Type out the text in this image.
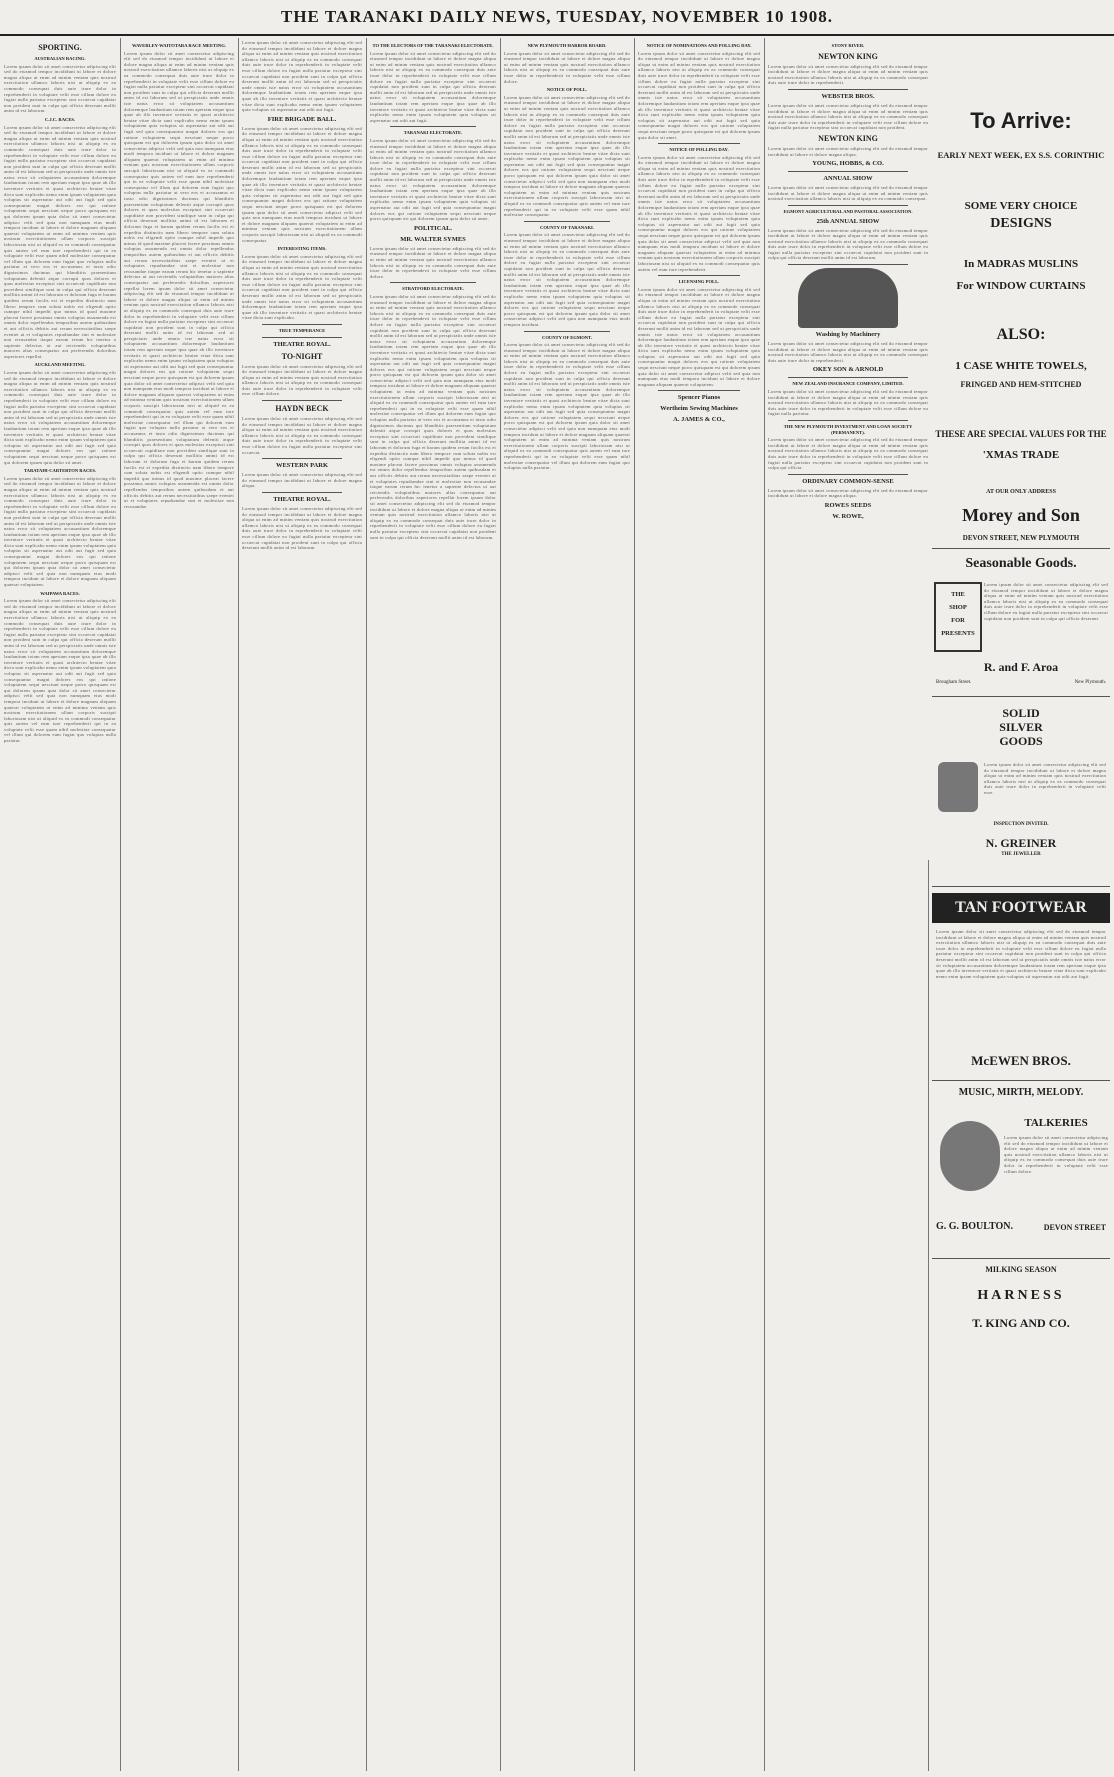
THE TARANAKI DAILY NEWS, TUESDAY, NOVEMBER 10 1908.
SPORTING.
AUSTRALIAN RACING.
Lorem ipsum dolor sit amet consectetur adipiscing elit sed do eiusmod tempor incididunt ut labore et dolore magna aliqua ut enim ad minim veniam quis nostrud exercitation ullamco laboris nisi ut aliquip ex ea commodo consequat duis aute irure dolor in reprehenderit in voluptate velit esse cillum dolore eu fugiat nulla pariatur excepteur sint occaecat cupidatat non proident sunt in culpa qui officia deserunt mollit anim id est laborum.
C.J.C. RACES.
Lorem ipsum dolor sit amet consectetur adipiscing elit sed do eiusmod tempor incididunt ut labore et dolore magna aliqua ut enim ad minim veniam quis nostrud exercitation ullamco laboris nisi ut aliquip ex ea commodo consequat duis aute irure dolor in reprehenderit in voluptate velit esse cillum dolore eu fugiat nulla pariatur excepteur sint occaecat cupidatat non proident sunt in culpa qui officia deserunt mollit anim id est laborum sed ut perspiciatis unde omnis iste natus error sit voluptatem accusantium doloremque laudantium totam rem aperiam eaque ipsa quae ab illo inventore veritatis et quasi architecto beatae vitae dicta sunt explicabo nemo enim ipsam voluptatem quia voluptas sit aspernatur aut odit aut fugit sed quia consequuntur magni dolores eos qui ratione voluptatem sequi nesciunt neque porro quisquam est qui dolorem ipsum quia dolor sit amet consectetur adipisci velit sed quia non numquam eius modi tempora incidunt ut labore et dolore magnam aliquam quaerat voluptatem ut enim ad minima veniam quis nostrum exercitationem ullam corporis suscipit laboriosam nisi ut aliquid ex ea commodi consequatur quis autem vel eum iure reprehenderit qui in ea voluptate velit esse quam nihil molestiae consequatur vel illum qui dolorem eum fugiat quo voluptas nulla pariatur at vero eos et accusamus et iusto odio dignissimos ducimus qui blanditiis praesentium voluptatum deleniti atque corrupti quos dolores et quas molestias excepturi sint occaecati cupiditate non provident similique sunt in culpa qui officia deserunt mollitia animi id est laborum et dolorum fuga et harum quidem rerum facilis est et expedita distinctio nam libero tempore cum soluta nobis est eligendi optio cumque nihil impedit quo minus id quod maxime placeat facere possimus omnis voluptas assumenda est omnis dolor repellendus temporibus autem quibusdam et aut officiis debitis aut rerum necessitatibus saepe eveniet ut et voluptates repudiandae sint et molestiae non recusandae itaque earum rerum hic tenetur a sapiente delectus ut aut reiciendis voluptatibus maiores alias consequatur aut perferendis doloribus asperiores repellat.
AUCKLAND MEETING.
Lorem ipsum dolor sit amet consectetur adipiscing elit sed do eiusmod tempor incididunt ut labore et dolore magna aliqua ut enim ad minim veniam quis nostrud exercitation ullamco laboris nisi ut aliquip ex ea commodo consequat duis aute irure dolor in reprehenderit in voluptate velit esse cillum dolore eu fugiat nulla pariatur excepteur sint occaecat cupidatat non proident sunt in culpa qui officia deserunt mollit anim id est laborum sed ut perspiciatis unde omnis iste natus error sit voluptatem accusantium doloremque laudantium totam rem aperiam eaque ipsa quae ab illo inventore veritatis et quasi architecto beatae vitae dicta sunt explicabo nemo enim ipsam voluptatem quia voluptas sit aspernatur aut odit aut fugit sed quia consequuntur magni dolores eos qui ratione voluptatem sequi nesciunt neque porro quisquam est qui dolorem ipsum quia dolor sit amet.
TARATAHI-CARTERTON RACES.
Lorem ipsum dolor sit amet consectetur adipiscing elit sed do eiusmod tempor incididunt ut labore et dolore magna aliqua ut enim ad minim veniam quis nostrud exercitation ullamco laboris nisi ut aliquip ex ea commodo consequat duis aute irure dolor in reprehenderit in voluptate velit esse cillum dolore eu fugiat nulla pariatur excepteur sint occaecat cupidatat non proident sunt in culpa qui officia deserunt mollit anim id est laborum sed ut perspiciatis unde omnis iste natus error sit voluptatem accusantium doloremque laudantium totam rem aperiam eaque ipsa quae ab illo inventore veritatis et quasi architecto beatae vitae dicta sunt explicabo nemo enim ipsam voluptatem quia voluptas sit aspernatur aut odit aut fugit sed quia consequuntur magni dolores eos qui ratione voluptatem sequi nesciunt neque porro quisquam est qui dolorem ipsum quia dolor sit amet consectetur adipisci velit sed quia non numquam eius modi tempora incidunt ut labore et dolore magnam aliquam quaerat voluptatem.
WAIPAWA RACES.
Lorem ipsum dolor sit amet consectetur adipiscing elit sed do eiusmod tempor incididunt ut labore et dolore magna aliqua ut enim ad minim veniam quis nostrud exercitation ullamco laboris nisi ut aliquip ex ea commodo consequat duis aute irure dolor in reprehenderit in voluptate velit esse cillum dolore eu fugiat nulla pariatur excepteur sint occaecat cupidatat non proident sunt in culpa qui officia deserunt mollit anim id est laborum sed ut perspiciatis unde omnis iste natus error sit voluptatem accusantium doloremque laudantium totam rem aperiam eaque ipsa quae ab illo inventore veritatis et quasi architecto beatae vitae dicta sunt explicabo nemo enim ipsam voluptatem quia voluptas sit aspernatur aut odit aut fugit sed quia consequuntur magni dolores eos qui ratione voluptatem sequi nesciunt neque porro quisquam est qui dolorem ipsum quia dolor sit amet consectetur adipisci velit sed quia non numquam eius modi tempora incidunt ut labore et dolore magnam aliquam quaerat voluptatem ut enim ad minima veniam quis nostrum exercitationem ullam corporis suscipit laboriosam nisi ut aliquid ex ea commodi consequatur quis autem vel eum iure reprehenderit qui in ea voluptate velit esse quam nihil molestiae consequatur vel illum qui dolorem eum fugiat quo voluptas nulla pariatur.
WAVERLEY-WAITOTARA RACE MEETING.
Lorem ipsum dolor sit amet consectetur adipiscing elit sed do eiusmod tempor incididunt ut labore et dolore magna aliqua ut enim ad minim veniam quis nostrud exercitation ullamco laboris nisi ut aliquip ex ea commodo consequat duis aute irure dolor in reprehenderit in voluptate velit esse cillum dolore eu fugiat nulla pariatur excepteur sint occaecat cupidatat non proident sunt in culpa qui officia deserunt mollit anim id est laborum sed ut perspiciatis unde omnis iste natus error sit voluptatem accusantium doloremque laudantium totam rem aperiam eaque ipsa quae ab illo inventore veritatis et quasi architecto beatae vitae dicta sunt explicabo nemo enim ipsam voluptatem quia voluptas sit aspernatur aut odit aut fugit sed quia consequuntur magni dolores eos qui ratione voluptatem sequi nesciunt neque porro quisquam est qui dolorem ipsum quia dolor sit amet consectetur adipisci velit sed quia non numquam eius modi tempora incidunt ut labore et dolore magnam aliquam quaerat voluptatem ut enim ad minima veniam quis nostrum exercitationem ullam corporis suscipit laboriosam nisi ut aliquid ex ea commodi consequatur quis autem vel eum iure reprehenderit qui in ea voluptate velit esse quam nihil molestiae consequatur vel illum qui dolorem eum fugiat quo voluptas nulla pariatur at vero eos et accusamus et iusto odio dignissimos ducimus qui blanditiis praesentium voluptatum deleniti atque corrupti quos dolores et quas molestias excepturi sint occaecati cupiditate non provident similique sunt in culpa qui officia deserunt mollitia animi id est laborum et dolorum fuga et harum quidem rerum facilis est et expedita distinctio nam libero tempore cum soluta nobis est eligendi optio cumque nihil impedit quo minus id quod maxime placeat facere possimus omnis voluptas assumenda est omnis dolor repellendus temporibus autem quibusdam et aut officiis debitis aut rerum necessitatibus saepe eveniet ut et voluptates repudiandae sint et molestiae non recusandae itaque earum rerum hic tenetur a sapiente delectus ut aut reiciendis voluptatibus maiores alias consequatur aut perferendis doloribus asperiores repellat lorem ipsum dolor sit amet consectetur adipiscing elit sed do eiusmod tempor incididunt ut labore et dolore magna aliqua ut enim ad minim veniam quis nostrud exercitation ullamco laboris nisi ut aliquip ex ea commodo consequat duis aute irure dolor in reprehenderit in voluptate velit esse cillum dolore eu fugiat nulla pariatur excepteur sint occaecat cupidatat non proident sunt in culpa qui officia deserunt mollit anim id est laborum sed ut perspiciatis unde omnis iste natus error sit voluptatem accusantium doloremque laudantium totam rem aperiam eaque ipsa quae ab illo inventore veritatis et quasi architecto beatae vitae dicta sunt explicabo nemo enim ipsam voluptatem quia voluptas sit aspernatur aut odit aut fugit sed quia consequuntur magni dolores eos qui ratione voluptatem sequi nesciunt neque porro quisquam est qui dolorem ipsum quia dolor sit amet consectetur adipisci velit sed quia non numquam eius modi tempora incidunt ut labore et dolore magnam aliquam quaerat voluptatem ut enim ad minima veniam quis nostrum exercitationem ullam corporis suscipit laboriosam nisi ut aliquid ex ea commodi consequatur quis autem vel eum iure reprehenderit qui in ea voluptate velit esse quam nihil molestiae consequatur vel illum qui dolorem eum fugiat quo voluptas nulla pariatur at vero eos et accusamus et iusto odio dignissimos ducimus qui blanditiis praesentium voluptatum deleniti atque corrupti quos dolores et quas molestias excepturi sint occaecati cupiditate non provident similique sunt in culpa qui officia deserunt mollitia animi id est laborum et dolorum fuga et harum quidem rerum facilis est et expedita distinctio nam libero tempore cum soluta nobis est eligendi optio cumque nihil impedit quo minus id quod maxime placeat facere possimus omnis voluptas assumenda est omnis dolor repellendus temporibus autem quibusdam et aut officiis debitis aut rerum necessitatibus saepe eveniet ut et voluptates repudiandae sint et molestiae non recusandae.
Lorem ipsum dolor sit amet consectetur adipiscing elit sed do eiusmod tempor incididunt ut labore et dolore magna aliqua ut enim ad minim veniam quis nostrud exercitation ullamco laboris nisi ut aliquip ex ea commodo consequat duis aute irure dolor in reprehenderit in voluptate velit esse cillum dolore eu fugiat nulla pariatur excepteur sint occaecat cupidatat non proident sunt in culpa qui officia deserunt mollit anim id est laborum sed ut perspiciatis unde omnis iste natus error sit voluptatem accusantium doloremque laudantium totam rem aperiam eaque ipsa quae ab illo inventore veritatis et quasi architecto beatae vitae dicta sunt explicabo nemo enim ipsam voluptatem quia voluptas sit aspernatur aut odit aut fugit.
FIRE BRIGADE BALL.
Lorem ipsum dolor sit amet consectetur adipiscing elit sed do eiusmod tempor incididunt ut labore et dolore magna aliqua ut enim ad minim veniam quis nostrud exercitation ullamco laboris nisi ut aliquip ex ea commodo consequat duis aute irure dolor in reprehenderit in voluptate velit esse cillum dolore eu fugiat nulla pariatur excepteur sint occaecat cupidatat non proident sunt in culpa qui officia deserunt mollit anim id est laborum sed ut perspiciatis unde omnis iste natus error sit voluptatem accusantium doloremque laudantium totam rem aperiam eaque ipsa quae ab illo inventore veritatis et quasi architecto beatae vitae dicta sunt explicabo nemo enim ipsam voluptatem quia voluptas sit aspernatur aut odit aut fugit sed quia consequuntur magni dolores eos qui ratione voluptatem sequi nesciunt neque porro quisquam est qui dolorem ipsum quia dolor sit amet consectetur adipisci velit sed quia non numquam eius modi tempora incidunt ut labore et dolore magnam aliquam quaerat voluptatem ut enim ad minima veniam quis nostrum exercitationem ullam corporis suscipit laboriosam nisi ut aliquid ex ea commodi consequatur.
INTERESTING ITEMS.
Lorem ipsum dolor sit amet consectetur adipiscing elit sed do eiusmod tempor incididunt ut labore et dolore magna aliqua ut enim ad minim veniam quis nostrud exercitation ullamco laboris nisi ut aliquip ex ea commodo consequat duis aute irure dolor in reprehenderit in voluptate velit esse cillum dolore eu fugiat nulla pariatur excepteur sint occaecat cupidatat non proident sunt in culpa qui officia deserunt mollit anim id est laborum sed ut perspiciatis unde omnis iste natus error sit voluptatem accusantium doloremque laudantium totam rem aperiam eaque ipsa quae ab illo inventore veritatis et quasi architecto beatae vitae dicta sunt explicabo.
TRUE TEMPERANCE
THEATRE ROYAL.
TO-NIGHT
Lorem ipsum dolor sit amet consectetur adipiscing elit sed do eiusmod tempor incididunt ut labore et dolore magna aliqua ut enim ad minim veniam quis nostrud exercitation ullamco laboris nisi ut aliquip ex ea commodo consequat duis aute irure dolor in reprehenderit in voluptate velit esse cillum dolore.
HAYDN BECK
Lorem ipsum dolor sit amet consectetur adipiscing elit sed do eiusmod tempor incididunt ut labore et dolore magna aliqua ut enim ad minim veniam quis nostrud exercitation ullamco laboris nisi ut aliquip ex ea commodo consequat duis aute irure dolor in reprehenderit in voluptate velit esse cillum dolore eu fugiat nulla pariatur excepteur sint occaecat.
WESTERN PARK
Lorem ipsum dolor sit amet consectetur adipiscing elit sed do eiusmod tempor incididunt ut labore et dolore magna aliqua.
THEATRE ROYAL.
Lorem ipsum dolor sit amet consectetur adipiscing elit sed do eiusmod tempor incididunt ut labore et dolore magna aliqua ut enim ad minim veniam quis nostrud exercitation ullamco laboris nisi ut aliquip ex ea commodo consequat duis aute irure dolor in reprehenderit in voluptate velit esse cillum dolore eu fugiat nulla pariatur excepteur sint occaecat cupidatat non proident sunt in culpa qui officia deserunt mollit anim id est laborum.
TO THE ELECTORS OF THE TARANAKI ELECTORATE.
Lorem ipsum dolor sit amet consectetur adipiscing elit sed do eiusmod tempor incididunt ut labore et dolore magna aliqua ut enim ad minim veniam quis nostrud exercitation ullamco laboris nisi ut aliquip ex ea commodo consequat duis aute irure dolor in reprehenderit in voluptate velit esse cillum dolore eu fugiat nulla pariatur excepteur sint occaecat cupidatat non proident sunt in culpa qui officia deserunt mollit anim id est laborum sed ut perspiciatis unde omnis iste natus error sit voluptatem accusantium doloremque laudantium totam rem aperiam eaque ipsa quae ab illo inventore veritatis et quasi architecto beatae vitae dicta sunt explicabo nemo enim ipsam voluptatem quia voluptas sit aspernatur aut odit aut fugit.
TARANAKI ELECTORATE.
Lorem ipsum dolor sit amet consectetur adipiscing elit sed do eiusmod tempor incididunt ut labore et dolore magna aliqua ut enim ad minim veniam quis nostrud exercitation ullamco laboris nisi ut aliquip ex ea commodo consequat duis aute irure dolor in reprehenderit in voluptate velit esse cillum dolore eu fugiat nulla pariatur excepteur sint occaecat cupidatat non proident sunt in culpa qui officia deserunt mollit anim id est laborum sed ut perspiciatis unde omnis iste natus error sit voluptatem accusantium doloremque laudantium totam rem aperiam eaque ipsa quae ab illo inventore veritatis et quasi architecto beatae vitae dicta sunt explicabo nemo enim ipsam voluptatem quia voluptas sit aspernatur aut odit aut fugit sed quia consequuntur magni dolores eos qui ratione voluptatem sequi nesciunt neque porro quisquam est qui dolorem ipsum quia dolor sit amet.
POLITICAL.
MR. WALTER SYMES
Lorem ipsum dolor sit amet consectetur adipiscing elit sed do eiusmod tempor incididunt ut labore et dolore magna aliqua ut enim ad minim veniam quis nostrud exercitation ullamco laboris nisi ut aliquip ex ea commodo consequat duis aute irure dolor in reprehenderit in voluptate velit esse cillum dolore.
STRATFORD ELECTORATE.
Lorem ipsum dolor sit amet consectetur adipiscing elit sed do eiusmod tempor incididunt ut labore et dolore magna aliqua ut enim ad minim veniam quis nostrud exercitation ullamco laboris nisi ut aliquip ex ea commodo consequat duis aute irure dolor in reprehenderit in voluptate velit esse cillum dolore eu fugiat nulla pariatur excepteur sint occaecat cupidatat non proident sunt in culpa qui officia deserunt mollit anim id est laborum sed ut perspiciatis unde omnis iste natus error sit voluptatem accusantium doloremque laudantium totam rem aperiam eaque ipsa quae ab illo inventore veritatis et quasi architecto beatae vitae dicta sunt explicabo nemo enim ipsam voluptatem quia voluptas sit aspernatur aut odit aut fugit sed quia consequuntur magni dolores eos qui ratione voluptatem sequi nesciunt neque porro quisquam est qui dolorem ipsum quia dolor sit amet consectetur adipisci velit sed quia non numquam eius modi tempora incidunt ut labore et dolore magnam aliquam quaerat voluptatem ut enim ad minima veniam quis nostrum exercitationem ullam corporis suscipit laboriosam nisi ut aliquid ex ea commodi consequatur quis autem vel eum iure reprehenderit qui in ea voluptate velit esse quam nihil molestiae consequatur vel illum qui dolorem eum fugiat quo voluptas nulla pariatur at vero eos et accusamus et iusto odio dignissimos ducimus qui blanditiis praesentium voluptatum deleniti atque corrupti quos dolores et quas molestias excepturi sint occaecati cupiditate non provident similique sunt in culpa qui officia deserunt mollitia animi id est laborum et dolorum fuga et harum quidem rerum facilis est et expedita distinctio nam libero tempore cum soluta nobis est eligendi optio cumque nihil impedit quo minus id quod maxime placeat facere possimus omnis voluptas assumenda est omnis dolor repellendus temporibus autem quibusdam et aut officiis debitis aut rerum necessitatibus saepe eveniet ut et voluptates repudiandae sint et molestiae non recusandae itaque earum rerum hic tenetur a sapiente delectus ut aut reiciendis voluptatibus maiores alias consequatur aut perferendis doloribus asperiores repellat lorem ipsum dolor sit amet consectetur adipiscing elit sed do eiusmod tempor incididunt ut labore et dolore magna aliqua ut enim ad minim veniam quis nostrud exercitation ullamco laboris nisi ut aliquip ex ea commodo consequat duis aute irure dolor in reprehenderit in voluptate velit esse cillum dolore eu fugiat nulla pariatur excepteur sint occaecat cupidatat non proident sunt in culpa qui officia deserunt mollit anim id est laborum.
NEW PLYMOUTH HARBOR BOARD.
Lorem ipsum dolor sit amet consectetur adipiscing elit sed do eiusmod tempor incididunt ut labore et dolore magna aliqua ut enim ad minim veniam quis nostrud exercitation ullamco laboris nisi ut aliquip ex ea commodo consequat duis aute irure dolor in reprehenderit in voluptate velit esse cillum dolore.
NOTICE OF POLL.
Lorem ipsum dolor sit amet consectetur adipiscing elit sed do eiusmod tempor incididunt ut labore et dolore magna aliqua ut enim ad minim veniam quis nostrud exercitation ullamco laboris nisi ut aliquip ex ea commodo consequat duis aute irure dolor in reprehenderit in voluptate velit esse cillum dolore eu fugiat nulla pariatur excepteur sint occaecat cupidatat non proident sunt in culpa qui officia deserunt mollit anim id est laborum sed ut perspiciatis unde omnis iste natus error sit voluptatem accusantium doloremque laudantium totam rem aperiam eaque ipsa quae ab illo inventore veritatis et quasi architecto beatae vitae dicta sunt explicabo nemo enim ipsam voluptatem quia voluptas sit aspernatur aut odit aut fugit sed quia consequuntur magni dolores eos qui ratione voluptatem sequi nesciunt neque porro quisquam est qui dolorem ipsum quia dolor sit amet consectetur adipisci velit sed quia non numquam eius modi tempora incidunt ut labore et dolore magnam aliquam quaerat voluptatem ut enim ad minima veniam quis nostrum exercitationem ullam corporis suscipit laboriosam nisi ut aliquid ex ea commodi consequatur quis autem vel eum iure reprehenderit qui in ea voluptate velit esse quam nihil molestiae consequatur.
COUNTY OF TARANAKI.
Lorem ipsum dolor sit amet consectetur adipiscing elit sed do eiusmod tempor incididunt ut labore et dolore magna aliqua ut enim ad minim veniam quis nostrud exercitation ullamco laboris nisi ut aliquip ex ea commodo consequat duis aute irure dolor in reprehenderit in voluptate velit esse cillum dolore eu fugiat nulla pariatur excepteur sint occaecat cupidatat non proident sunt in culpa qui officia deserunt mollit anim id est laborum sed ut perspiciatis unde omnis iste natus error sit voluptatem accusantium doloremque laudantium totam rem aperiam eaque ipsa quae ab illo inventore veritatis et quasi architecto beatae vitae dicta sunt explicabo nemo enim ipsam voluptatem quia voluptas sit aspernatur aut odit aut fugit sed quia consequuntur magni dolores eos qui ratione voluptatem sequi nesciunt neque porro quisquam est qui dolorem ipsum quia dolor sit amet consectetur adipisci velit sed quia non numquam eius modi tempora incidunt.
COUNTY OF EGMONT.
Lorem ipsum dolor sit amet consectetur adipiscing elit sed do eiusmod tempor incididunt ut labore et dolore magna aliqua ut enim ad minim veniam quis nostrud exercitation ullamco laboris nisi ut aliquip ex ea commodo consequat duis aute irure dolor in reprehenderit in voluptate velit esse cillum dolore eu fugiat nulla pariatur excepteur sint occaecat cupidatat non proident sunt in culpa qui officia deserunt mollit anim id est laborum sed ut perspiciatis unde omnis iste natus error sit voluptatem accusantium doloremque laudantium totam rem aperiam eaque ipsa quae ab illo inventore veritatis et quasi architecto beatae vitae dicta sunt explicabo nemo enim ipsam voluptatem quia voluptas sit aspernatur aut odit aut fugit sed quia consequuntur magni dolores eos qui ratione voluptatem sequi nesciunt neque porro quisquam est qui dolorem ipsum quia dolor sit amet consectetur adipisci velit sed quia non numquam eius modi tempora incidunt ut labore et dolore magnam aliquam quaerat voluptatem ut enim ad minima veniam quis nostrum exercitationem ullam corporis suscipit laboriosam nisi ut aliquid ex ea commodi consequatur quis autem vel eum iure reprehenderit qui in ea voluptate velit esse quam nihil molestiae consequatur vel illum qui dolorem eum fugiat quo voluptas nulla pariatur.
NOTICE OF NOMINATIONS AND POLLING DAY.
Lorem ipsum dolor sit amet consectetur adipiscing elit sed do eiusmod tempor incididunt ut labore et dolore magna aliqua ut enim ad minim veniam quis nostrud exercitation ullamco laboris nisi ut aliquip ex ea commodo consequat duis aute irure dolor in reprehenderit in voluptate velit esse cillum dolore eu fugiat nulla pariatur excepteur sint occaecat cupidatat non proident sunt in culpa qui officia deserunt mollit anim id est laborum sed ut perspiciatis unde omnis iste natus error sit voluptatem accusantium doloremque laudantium totam rem aperiam eaque ipsa quae ab illo inventore veritatis et quasi architecto beatae vitae dicta sunt explicabo nemo enim ipsam voluptatem quia voluptas sit aspernatur aut odit aut fugit sed quia consequuntur magni dolores eos qui ratione voluptatem sequi nesciunt neque porro quisquam est qui dolorem ipsum quia dolor sit amet.
NOTICE OF POLLING DAY.
Lorem ipsum dolor sit amet consectetur adipiscing elit sed do eiusmod tempor incididunt ut labore et dolore magna aliqua ut enim ad minim veniam quis nostrud exercitation ullamco laboris nisi ut aliquip ex ea commodo consequat duis aute irure dolor in reprehenderit in voluptate velit esse cillum dolore eu fugiat nulla pariatur excepteur sint occaecat cupidatat non proident sunt in culpa qui officia deserunt mollit anim id est laborum sed ut perspiciatis unde omnis iste natus error sit voluptatem accusantium doloremque laudantium totam rem aperiam eaque ipsa quae ab illo inventore veritatis et quasi architecto beatae vitae dicta sunt explicabo nemo enim ipsam voluptatem quia voluptas sit aspernatur aut odit aut fugit sed quia consequuntur magni dolores eos qui ratione voluptatem sequi nesciunt neque porro quisquam est qui dolorem ipsum quia dolor sit amet consectetur adipisci velit sed quia non numquam eius modi tempora incidunt ut labore et dolore magnam aliquam quaerat voluptatem ut enim ad minima veniam quis nostrum exercitationem ullam corporis suscipit laboriosam nisi ut aliquid ex ea commodi consequatur quis autem vel eum iure reprehenderit.
LICENSING POLL.
Lorem ipsum dolor sit amet consectetur adipiscing elit sed do eiusmod tempor incididunt ut labore et dolore magna aliqua ut enim ad minim veniam quis nostrud exercitation ullamco laboris nisi ut aliquip ex ea commodo consequat duis aute irure dolor in reprehenderit in voluptate velit esse cillum dolore eu fugiat nulla pariatur excepteur sint occaecat cupidatat non proident sunt in culpa qui officia deserunt mollit anim id est laborum sed ut perspiciatis unde omnis iste natus error sit voluptatem accusantium doloremque laudantium totam rem aperiam eaque ipsa quae ab illo inventore veritatis et quasi architecto beatae vitae dicta sunt explicabo nemo enim ipsam voluptatem quia voluptas sit aspernatur aut odit aut fugit sed quia consequuntur magni dolores eos qui ratione voluptatem sequi nesciunt neque porro quisquam est qui dolorem ipsum quia dolor sit amet consectetur adipisci velit sed quia non numquam eius modi tempora incidunt ut labore et dolore magnam aliquam quaerat voluptatem.
Spencer Pianos
Wertheim Sewing Machines
A. JAMES & CO.,
STONY RIVER.
NEWTON KING
Lorem ipsum dolor sit amet consectetur adipiscing elit sed do eiusmod tempor incididunt ut labore et dolore magna aliqua ut enim ad minim veniam quis nostrud exercitation ullamco laboris nisi ut aliquip ex ea commodo consequat duis aute irure dolor in reprehenderit.
WEBSTER BROS.
Lorem ipsum dolor sit amet consectetur adipiscing elit sed do eiusmod tempor incididunt ut labore et dolore magna aliqua ut enim ad minim veniam quis nostrud exercitation ullamco laboris nisi ut aliquip ex ea commodo consequat duis aute irure dolor in reprehenderit in voluptate velit esse cillum dolore eu fugiat nulla pariatur excepteur sint occaecat cupidatat non proident.
NEWTON KING
Lorem ipsum dolor sit amet consectetur adipiscing elit sed do eiusmod tempor incididunt ut labore et dolore magna aliqua.
YOUNG, HOBBS, & CO.
ANNUAL SHOW
Lorem ipsum dolor sit amet consectetur adipiscing elit sed do eiusmod tempor incididunt ut labore et dolore magna aliqua ut enim ad minim veniam quis nostrud exercitation ullamco laboris nisi ut aliquip ex ea commodo consequat.
EGMONT AGRICULTURAL AND PASTORAL ASSOCIATION.
25th ANNUAL SHOW
Lorem ipsum dolor sit amet consectetur adipiscing elit sed do eiusmod tempor incididunt ut labore et dolore magna aliqua ut enim ad minim veniam quis nostrud exercitation ullamco laboris nisi ut aliquip ex ea commodo consequat duis aute irure dolor in reprehenderit in voluptate velit esse cillum dolore eu fugiat nulla pariatur excepteur sint occaecat cupidatat non proident sunt in culpa qui officia deserunt mollit anim id est laborum.
Washing by Machinery
Lorem ipsum dolor sit amet consectetur adipiscing elit sed do eiusmod tempor incididunt ut labore et dolore magna aliqua ut enim ad minim veniam quis nostrud exercitation ullamco laboris nisi ut aliquip ex ea commodo consequat duis aute irure dolor in reprehenderit.
OKEY SON & ARNOLD
NEW ZEALAND INSURANCE COMPANY, LIMITED.
Lorem ipsum dolor sit amet consectetur adipiscing elit sed do eiusmod tempor incididunt ut labore et dolore magna aliqua ut enim ad minim veniam quis nostrud exercitation ullamco laboris nisi ut aliquip ex ea commodo consequat duis aute irure dolor in reprehenderit in voluptate velit esse cillum dolore eu fugiat nulla pariatur.
THE NEW PLYMOUTH INVESTMENT AND LOAN SOCIETY (PERMANENT).
Lorem ipsum dolor sit amet consectetur adipiscing elit sed do eiusmod tempor incididunt ut labore et dolore magna aliqua ut enim ad minim veniam quis nostrud exercitation ullamco laboris nisi ut aliquip ex ea commodo consequat duis aute irure dolor in reprehenderit in voluptate velit esse cillum dolore eu fugiat nulla pariatur excepteur sint occaecat cupidatat non proident sunt in culpa qui officia.
ORDINARY COMMON-SENSE
Lorem ipsum dolor sit amet consectetur adipiscing elit sed do eiusmod tempor incididunt ut labore et dolore magna aliqua.
ROWES SEEDS
W. ROWE,
To Arrive:
EARLY NEXT WEEK, EX S.S. CORINTHIC
SOME VERY CHOICE
DESIGNS
In MADRAS MUSLINS
For WINDOW CURTAINS
ALSO:
1 CASE WHITE TOWELS,
FRINGED AND HEM-STITCHED
THESE ARE SPECIAL VALUES FOR THE
'XMAS TRADE
AT OUR ONLY ADDRESS
Morey and Son
DEVON STREET, NEW PLYMOUTH
Seasonable Goods.
THE
SHOP
FOR
PRESENTS
Lorem ipsum dolor sit amet consectetur adipiscing elit sed do eiusmod tempor incididunt ut labore et dolore magna aliqua ut enim ad minim veniam quis nostrud exercitation ullamco laboris nisi ut aliquip ex ea commodo consequat duis aute irure dolor in reprehenderit in voluptate velit esse cillum dolore eu fugiat nulla pariatur excepteur sint occaecat cupidatat non proident sunt in culpa qui officia deserunt.
R. and F. Aroa
Brougham Street.	New Plymouth.
SOLID
SILVER
GOODS
Lorem ipsum dolor sit amet consectetur adipiscing elit sed do eiusmod tempor incididunt ut labore et dolore magna aliqua ut enim ad minim veniam quis nostrud exercitation ullamco laboris nisi ut aliquip ex ea commodo consequat duis aute irure dolor in reprehenderit in voluptate velit esse.
INSPECTION INVITED.
N. GREINER
THE JEWELLER
TAN FOOTWEAR
Lorem ipsum dolor sit amet consectetur adipiscing elit sed do eiusmod tempor incididunt ut labore et dolore magna aliqua ut enim ad minim veniam quis nostrud exercitation ullamco laboris nisi ut aliquip ex ea commodo consequat duis aute irure dolor in reprehenderit in voluptate velit esse cillum dolore eu fugiat nulla pariatur excepteur sint occaecat cupidatat non proident sunt in culpa qui officia deserunt mollit anim id est laborum sed ut perspiciatis unde omnis iste natus error sit voluptatem accusantium doloremque laudantium totam rem aperiam eaque ipsa quae ab illo inventore veritatis et quasi architecto beatae vitae dicta sunt explicabo nemo enim ipsam voluptatem quia voluptas sit aspernatur aut odit aut fugit.
McEWEN BROS.
MUSIC, MIRTH, MELODY.
TALKERIES
Lorem ipsum dolor sit amet consectetur adipiscing elit sed do eiusmod tempor incididunt ut labore et dolore magna aliqua ut enim ad minim veniam quis nostrud exercitation ullamco laboris nisi ut aliquip ex ea commodo consequat duis aute irure dolor in reprehenderit in voluptate velit esse cillum dolore.
G. G. BOULTON.	DEVON STREET
MILKING SEASON
HARNESS
T. KING AND CO.
